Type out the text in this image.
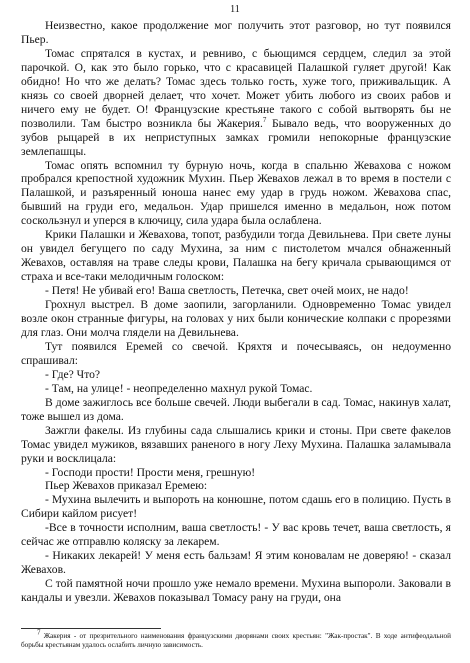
11

Неизвестно, какое продолжение мог получить этот разговор, но тут появился Пьер.

Томас спрятался в кустах, и ревниво, с бьющимся сердцем, следил за этой парочкой. О, как это было горько, что с красавицей Палашкой гуляет другой! Как обидно! Но что же делать? Томас здесь только гость, хуже того, приживальщик. А князь со своей дворней делает, что хочет. Может убить любого из своих рабов и ничего ему не будет. О! Французские крестьяне такого с собой вытворять бы не позволили. Там быстро возникла бы Жакерия.$^7$ Бывало ведь, что вооруженных до зубов рыцарей в их неприступных замках громили непокорные французские землепашцы.

Томас опять вспомнил ту бурную ночь, когда в спальню Жевахова с ножом пробрался крепостной художник Мухин. Пьер Жевахов лежал в то время в постели с Палашкой, и разъяренный юноша нанес ему удар в грудь ножом. Жевахова спас, бывший на груди его, медальон. Удар пришелся именно в медальон, нож потом соскользнул и уперся в ключицу, сила удара была ослаблена.

Крики Палашки и Жевахова, топот, разбудили тогда Девильнева. При свете луны он увидел бегущего по саду Мухина, за ним с пистолетом мчался обнаженный Жевахов, оставляя на траве следы крови, Палашка на бегу кричала срывающимся от страха и все-таки мелодичным голоском:

- Петя! Не убивай его! Ваша светлость, Петечка, свет очей моих, не надо!

Грохнул выстрел. В доме заопили, загорланили. Одновременно Томас увидел возле окон странные фигуры, на головах у них были конические колпаки с прорезями для глаз. Они молча глядели на Девильнева.

Тут появился Еремей со свечой. Кряхтя и почесываясь, он недоуменно спрашивал:

- Где? Что?

- Там, на улице! - неопределенно махнул рукой Томас.

В доме зажиглось все больше свечей. Люди выбегали в сад. Томас, накинув халат, тоже вышел из дома.

Зажгли факелы. Из глубины сада слышались крики и стоны. При свете факелов Томас увидел мужиков, вязавших раненого в ногу Леху Мухина. Палашка заламывала руки и восклицала:

- Господи прости! Прости меня, грешную!

Пьер Жевахов приказал Еремею:

- Мухина вылечить и выпороть на конюшне, потом сдашь его в полицию. Пусть в Сибири кайлом рисует!

-Все в точности исполним, ваша светлость! - У вас кровь течет, ваша светлость, я сейчас же отправлю коляску за лекарем.

- Никаких лекарей! У меня есть бальзам! Я этим коновалам не доверяю! - сказал Жевахов.

С той памятной ночи прошло уже немало времени. Мухина выпороли. Заковали в кандалы и увезли. Жевахов показывал Томасу рану на груди, она

$^7$ Жакерия - от презрительного наименования французскими дворянами своих крестьян: "Жак-простак". В ходе антифеодальной борьбы крестьянам удалось ослабить личную зависимость.
